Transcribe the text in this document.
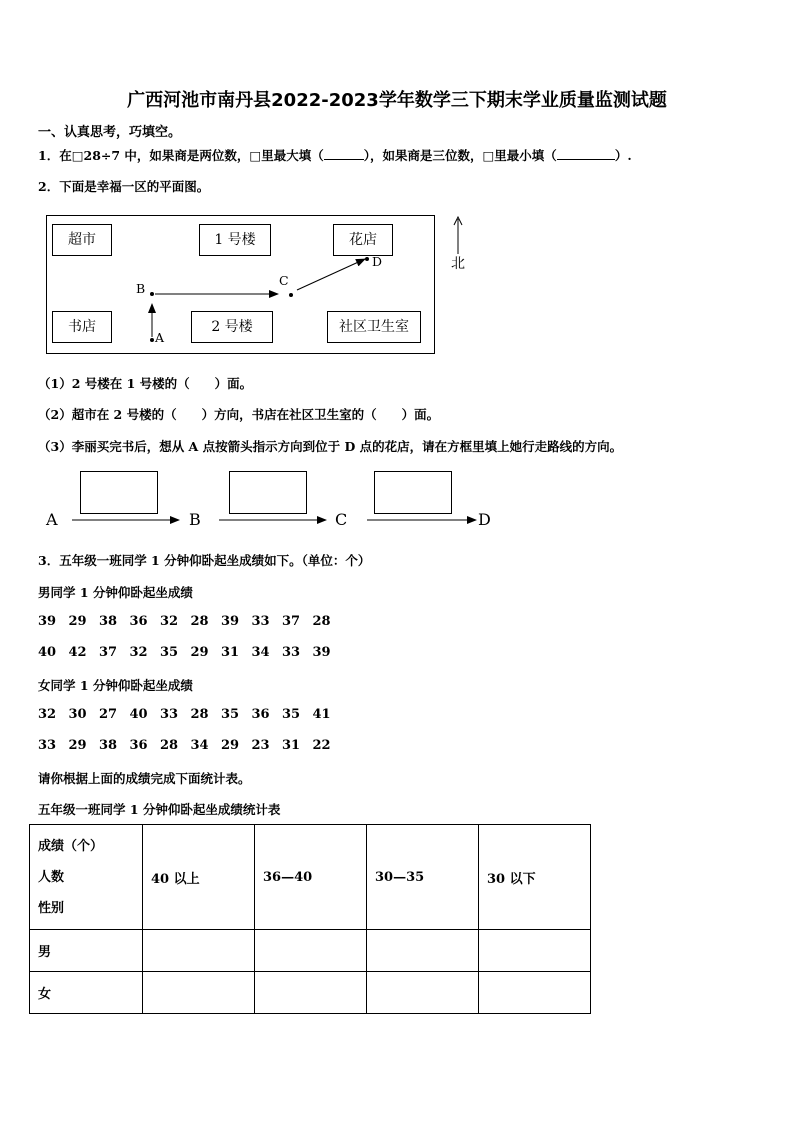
广西河池市南丹县2022-2023学年数学三下期末学业质量监测试题
一、认真思考，巧填空。
1．在□28÷7 中，如果商是两位数，□里最大填（	），如果商是三位数，□里最小填（	）.
2．下面是幸福一区的平面图。
超市	1 号楼	花店
书店	2 号楼	社区卫生室
A
B
C
D	北
（1）2 号楼在 1 号楼的（　　）面。
（2）超市在 2 号楼的（　　）方向，书店在社区卫生室的（　　）面。
（3）李丽买完书后，想从 A 点按箭头指示方向到位于 D 点的花店，请在方框里填上她行走路线的方向。
A	B	C	D
3．五年级一班同学 1 分钟仰卧起坐成绩如下。（单位：个）
男同学 1 分钟仰卧起坐成绩
39 29 38 36 32 28 39 33 37 28
40 42 37 32 35 29 31 34 33 39
女同学 1 分钟仰卧起坐成绩
32 30 27 40 33 28 35 36 35 41
33 29 38 36 28 34 29 23 31 22
请你根据上面的成绩完成下面统计表。
五年级一班同学 1 分钟仰卧起坐成绩统计表
成绩（个）
人数
性别	40 以上	36—40	30—35	30 以下
男				
女				
